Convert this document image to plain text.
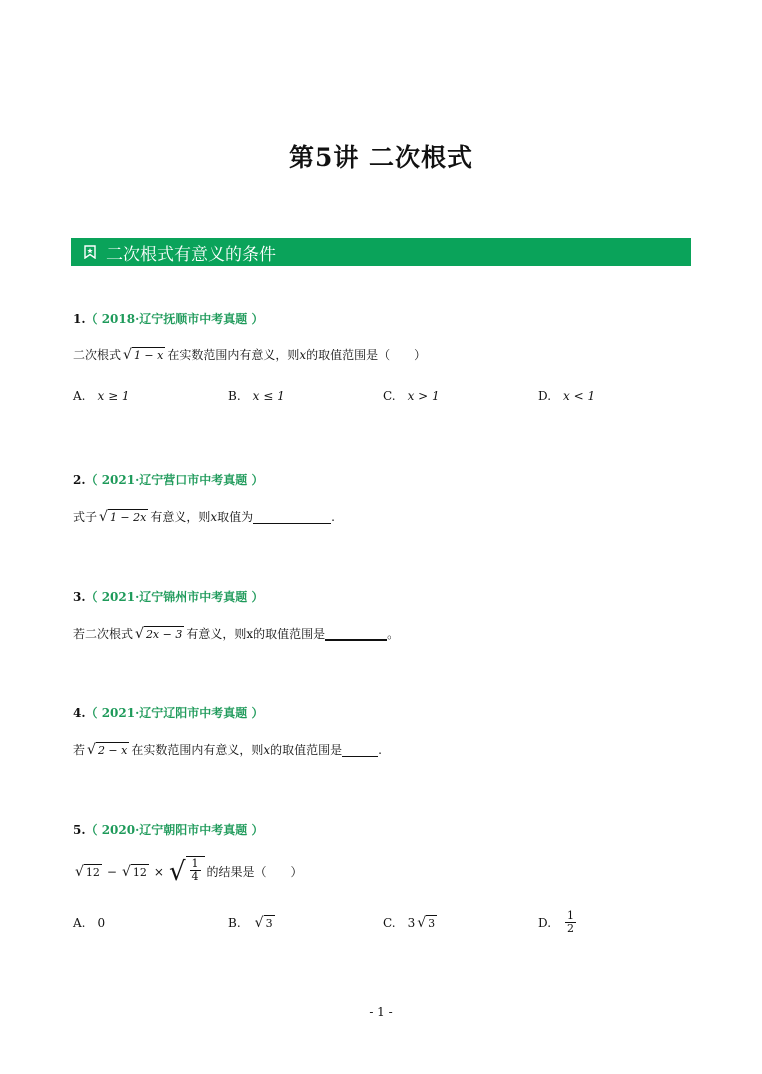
第5讲 二次根式
二次根式有意义的条件
1.（ 2018·辽宁抚顺市中考真题 ）
二次根式 √ 1 − x 在实数范围内有意义，则 x 的取值范围是（　　）
A. x ≥ 1	B. x ≤ 1	C. x > 1	D. x < 1
2.（ 2021·辽宁营口市中考真题 ）
式子 √ 1 − 2x 有意义，则 x 取值为	.
3.（ 2021·辽宁锦州市中考真题 ）
若二次根式 √ 2x − 3 有意义，则x的取值范围是	。
4.（ 2021·辽宁辽阳市中考真题 ）
若 √ 2 − x 在实数范围内有意义，则 x 的取值范围是	.
5.（ 2020·辽宁朝阳市中考真题 ）
√ 12 − √ 12 × √ $\frac{1}{4}$ 的结果是（　　）
A. 0	B. √ 3	C. 3 √ 3	D. $\frac{1}{2}$
- 1 -
